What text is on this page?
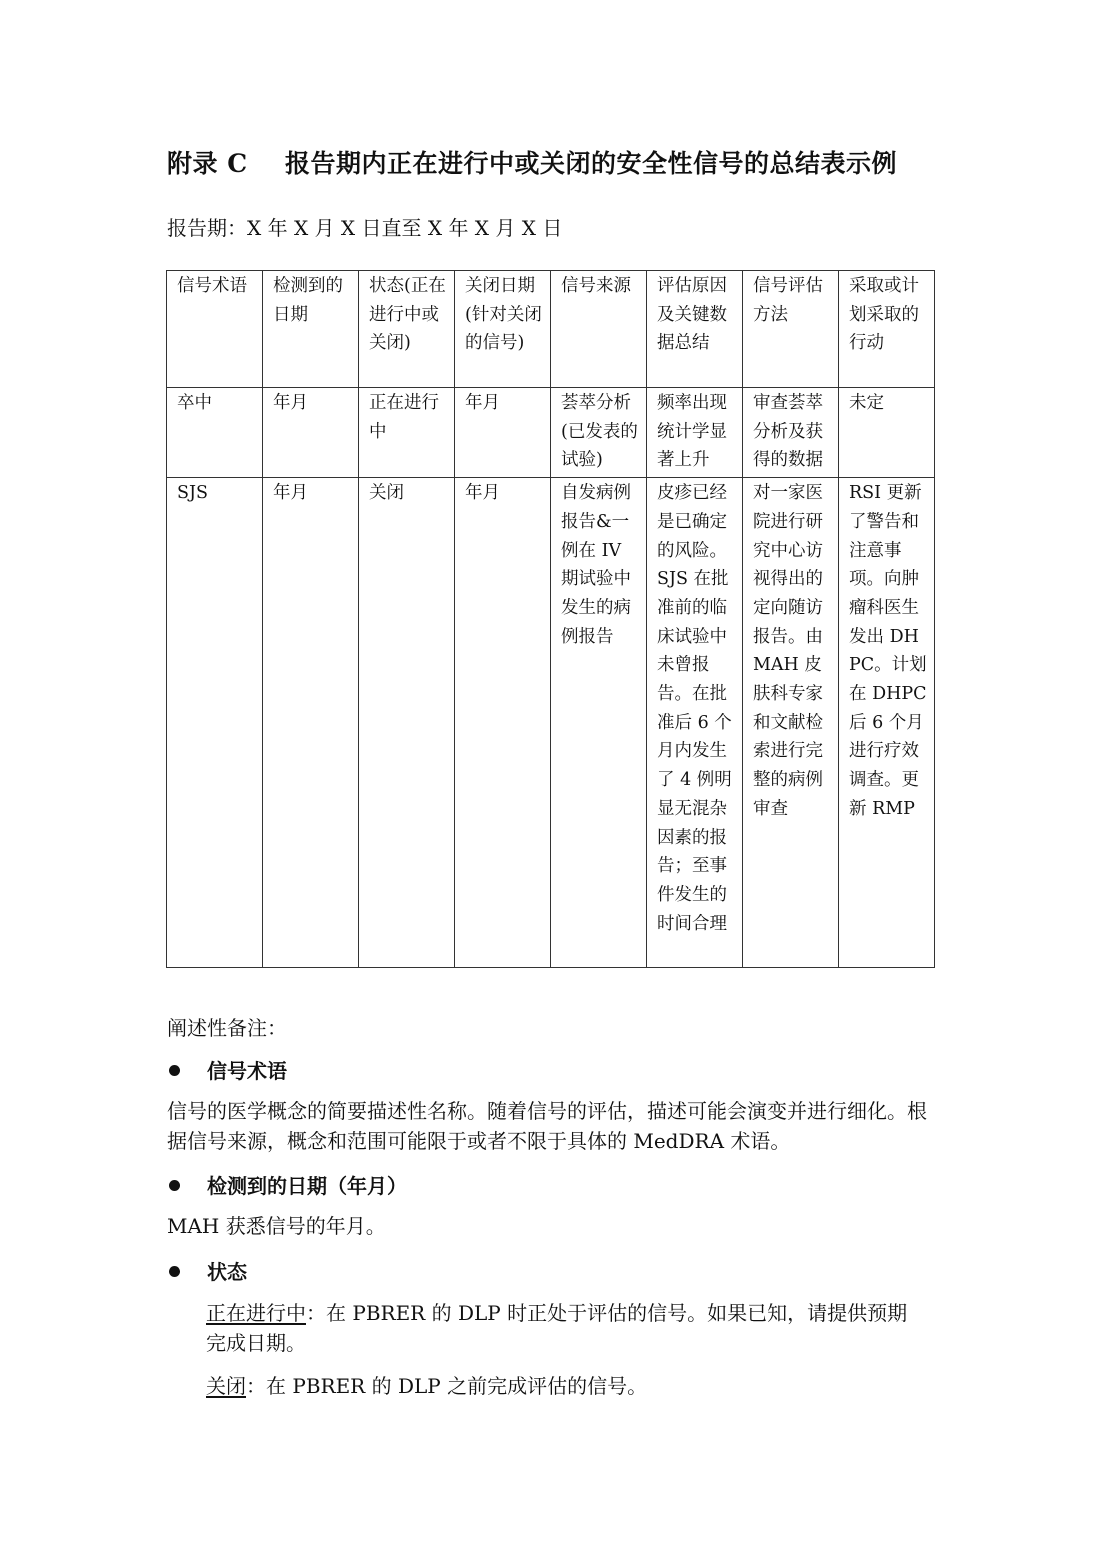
附录 C 报告期内正在进行中或关闭的安全性信号的总结表示例
报告期：X 年 X 月 X 日直至 X 年 X 月 X 日
信号术语	检测到的日期	状态(正在进行中或关闭)	关闭日期(针对关闭的信号)	信号来源	评估原因及关键数据总结	信号评估方法	采取或计划采取的行动
卒中	年月	正在进行中	年月	荟萃分析(已发表的试验)	频率出现统计学显著上升	审查荟萃分析及获得的数据	未定
SJS	年月	关闭	年月	自发病例报告&一例在 IV 期试验中发生的病例报告	皮疹已经是已确定的风险。SJS 在批准前的临床试验中未曾报告。在批准后 6 个月内发生了 4 例明显无混杂因素的报告；至事件发生的时间合理	对一家医院进行研究中心访视得出的定向随访报告。由 MAH 皮肤科专家和文献检索进行完整的病例审查	RSI 更新了警告和注意事项。向肿瘤科医生发出 DHPC。计划在 DHPC 后 6 个月进行疗效调查。更新 RMP
阐述性备注：
信号术语
信号的医学概念的简要描述性名称。随着信号的评估，描述可能会演变并进行细化。根据信号来源，概念和范围可能限于或者不限于具体的 MedDRA 术语。
检测到的日期（年月）
MAH 获悉信号的年月。
状态
正在进行中：在 PBRER 的 DLP 时正处于评估的信号。如果已知，请提供预期完成日期。
关闭：在 PBRER 的 DLP 之前完成评估的信号。
